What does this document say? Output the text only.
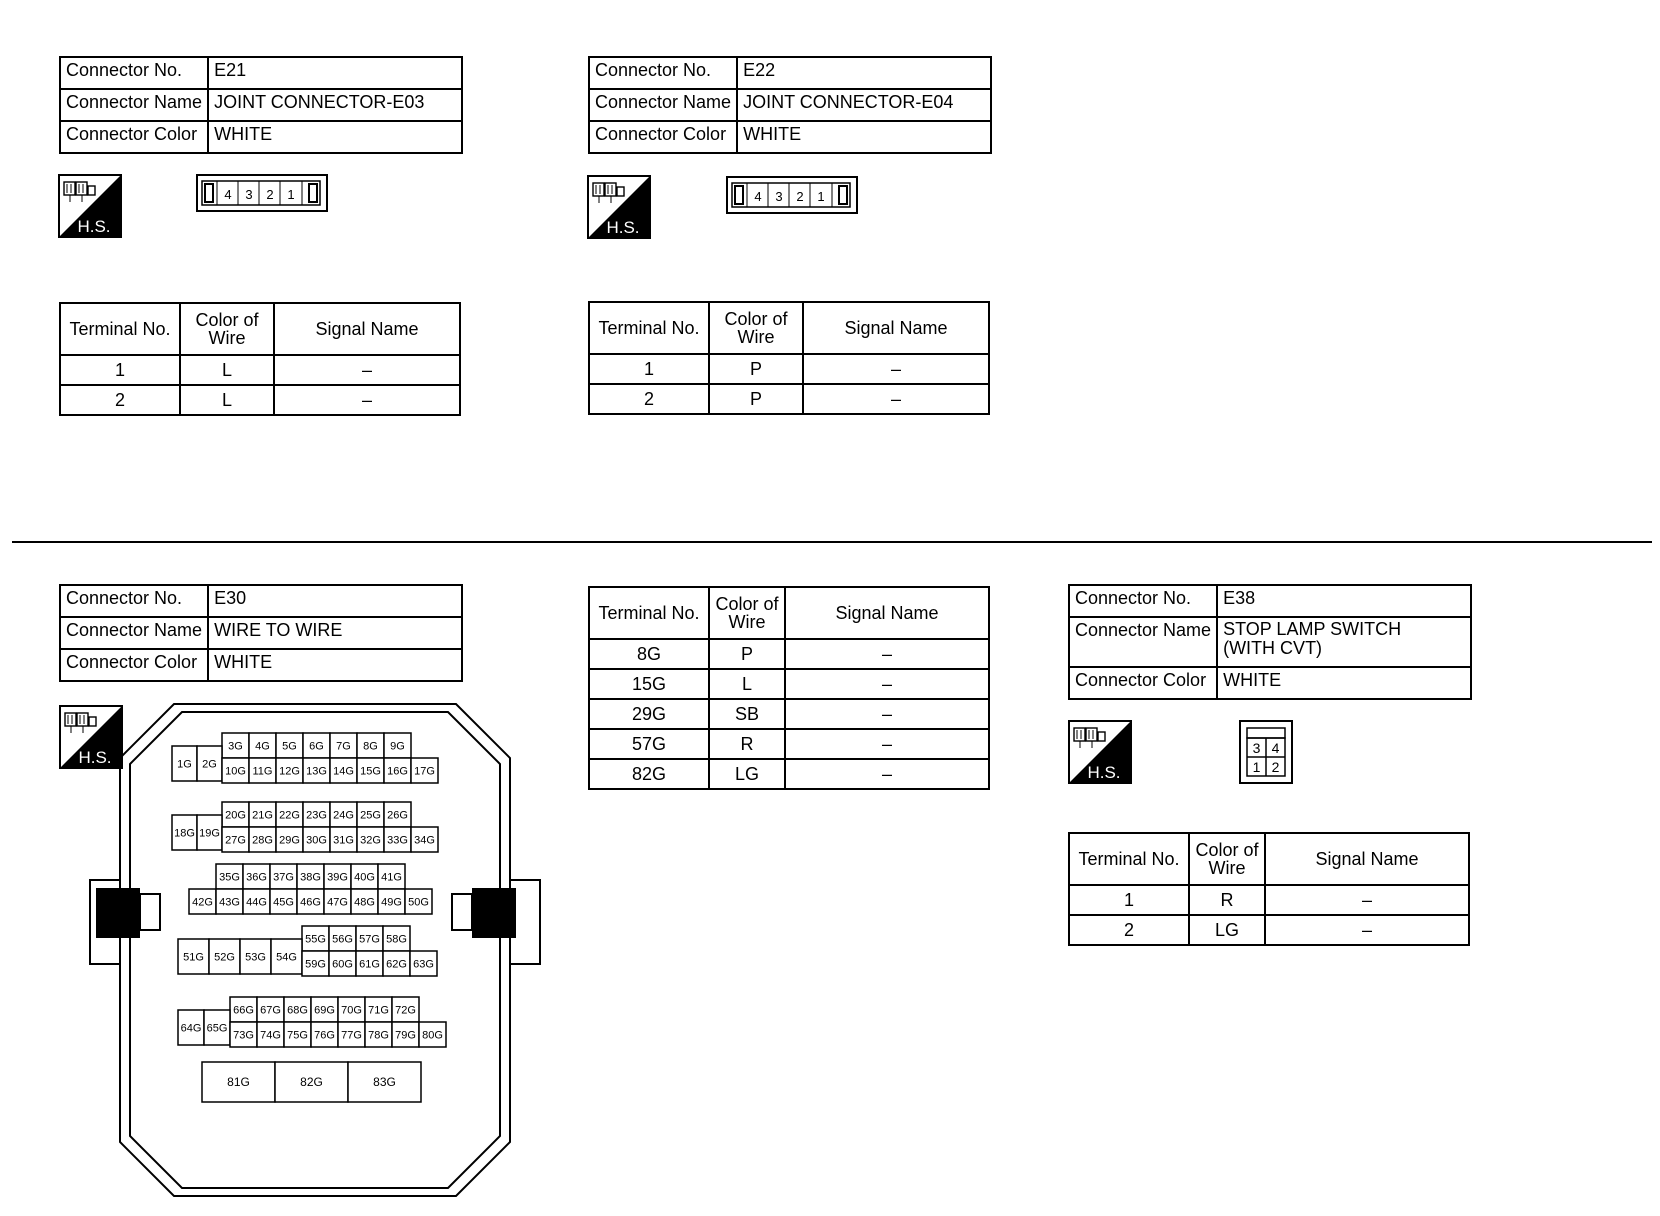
Connector No.	E21
Connector Name	JOINT CONNECTOR-E03
Connector Color	WHITE
H.S.
4 3 2 1
Terminal No.	Color of Wire	Signal Name
1	L	–
2	L	–
Connector No.	E22
Connector Name	JOINT CONNECTOR-E04
Connector Color	WHITE
H.S.
4 3 2 1
Terminal No.	Color of Wire	Signal Name
1	P	–
2	P	–
Connector No.	E30
Connector Name	WIRE TO WIRE
Connector Color	WHITE
H.S.
3G 4G 5G 6G 7G 8G 9G
1G 2G
10G 11G 12G 13G 14G 15G 16G 17G
20G 21G 22G 23G 24G 25G 26G
18G 19G
27G 28G 29G 30G 31G 32G 33G 34G
35G 36G 37G 38G 39G 40G 41G
42G 43G 44G 45G 46G 47G 48G 49G 50G
55G 56G 57G 58G
51G 52G 53G 54G
59G 60G 61G 62G 63G
66G 67G 68G 69G 70G 71G 72G
64G 65G
73G 74G 75G 76G 77G 78G 79G 80G
81G	82G	83G
Terminal No.	Color of Wire	Signal Name
8G	P	–
15G	L	–
29G	SB	–
57G	R	–
82G	LG	–
Connector No.	E38
Connector Name	STOP LAMP SWITCH
(WITH CVT)

Connector Color	WHITE
H.S.
3 4
1 2
Terminal No.	Color of Wire	Signal Name
1	R	–
2	LG	–
